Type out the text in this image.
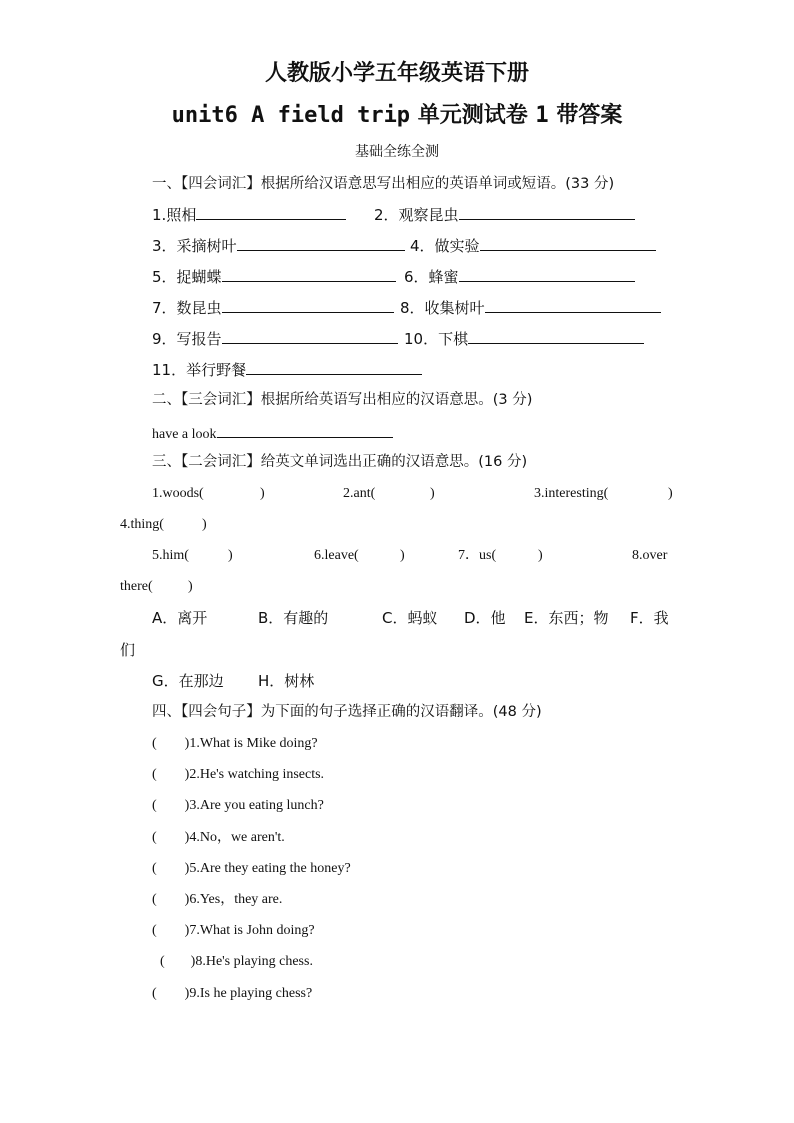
人教版小学五年级英语下册
unit6 A field trip 单元测试卷 1 带答案
基础全练全测
一、【四会词汇】根据所给汉语意思写出相应的英语单词或短语。(33 分)
1.照相	2．观察昆虫
3．采摘树叶	4．做实验
5．捉蝴蝶	6．蜂蜜
7．数昆虫	8．收集树叶
9．写报告	10．下棋
11．举行野餐
二、【三会词汇】根据所给英语写出相应的汉语意思。(3 分)
have a look
三、【二会词汇】给英文单词选出正确的汉语意思。(16 分)
1.woods(	)	2.ant(	)	3.interesting(	)
4.thing(	)
5.him(	)	6.leave(	)	7．us(	)	8.over
there(	)
A．离开	B．有趣的	C．蚂蚁 D．他 E．东西；物 F．我
们
G．在那边 H．树林
四、【四会句子】为下面的句子选择正确的汉语翻译。(48 分)
( )1.What is Mike doing?
( )2.He's watching insects.
( )3.Are you eating lunch?
( )4.No，we aren't.
( )5.Are they eating the honey?
( )6.Yes，they are.
( )7.What is John doing?
( )8.He's playing chess.
( )9.Is he playing chess?
